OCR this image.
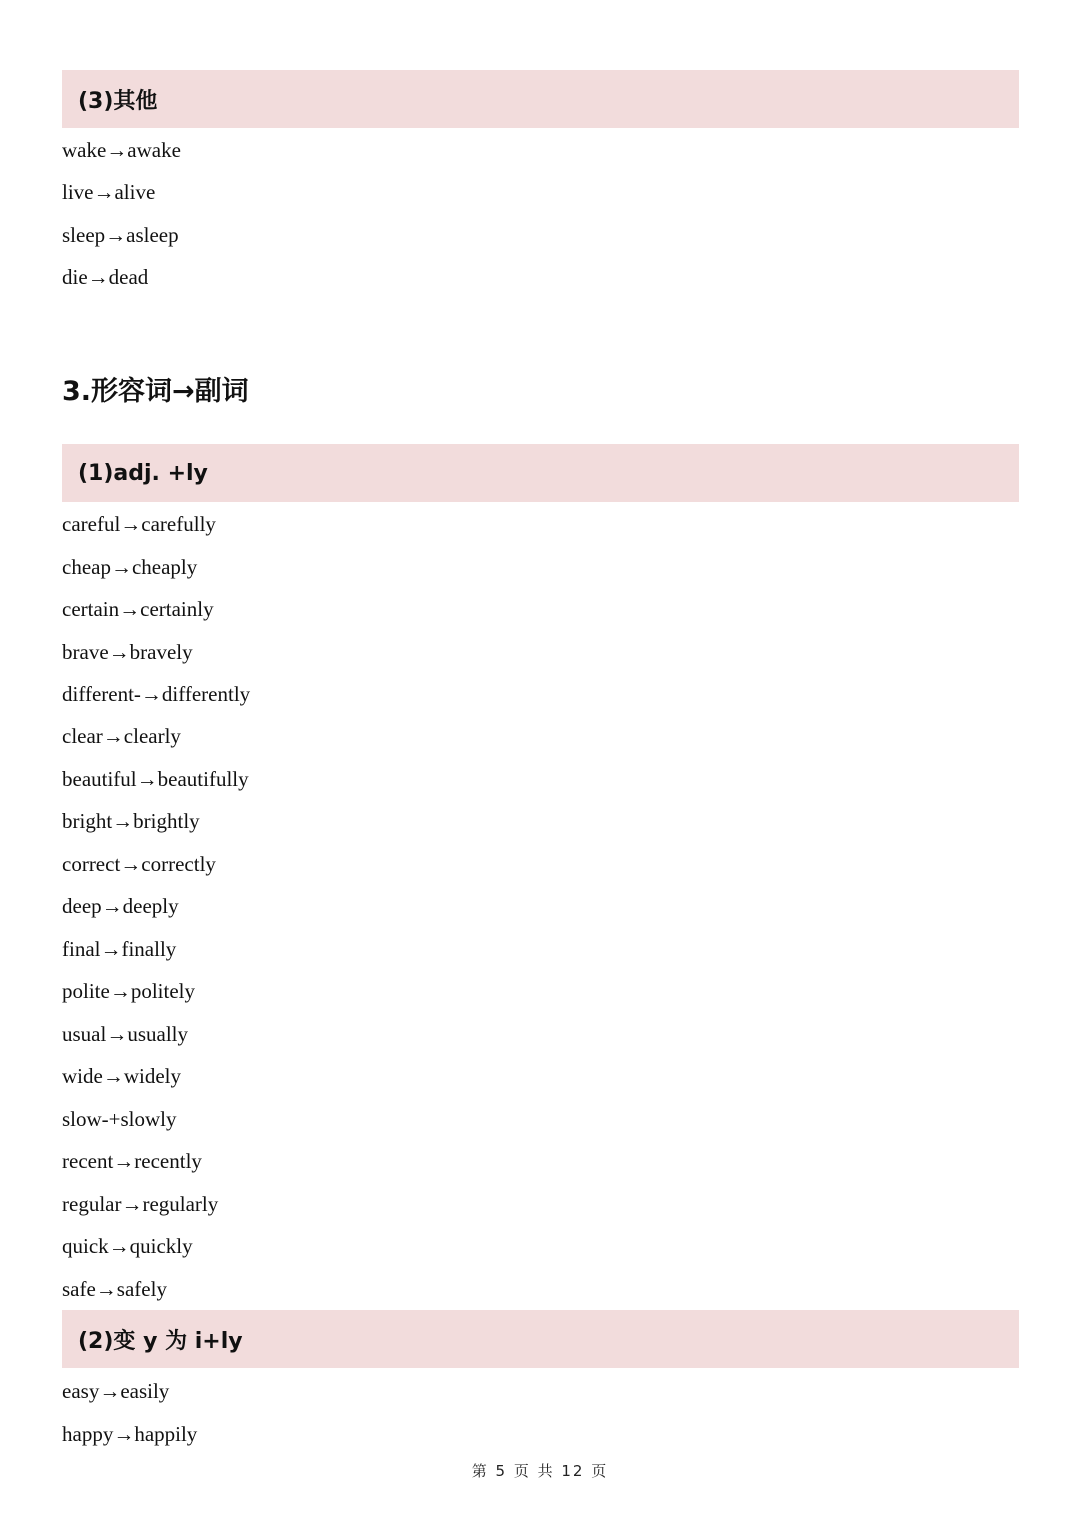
(3)其他
wake→awake
live→alive
sleep→asleep
die→dead
3.形容词→副词
(1)adj. +ly
careful→carefully
cheap→cheaply
certain→certainly
brave→bravely
different-→differently
clear→clearly
beautiful→beautifully
bright→brightly
correct→correctly
deep→deeply
final→finally
polite→politely
usual→usually
wide→widely
slow-+slowly
recent→recently
regular→regularly
quick→quickly
safe→safely
(2)变 y 为 i+ly
easy→easily
happy→happily
第 5 页 共 12 页
